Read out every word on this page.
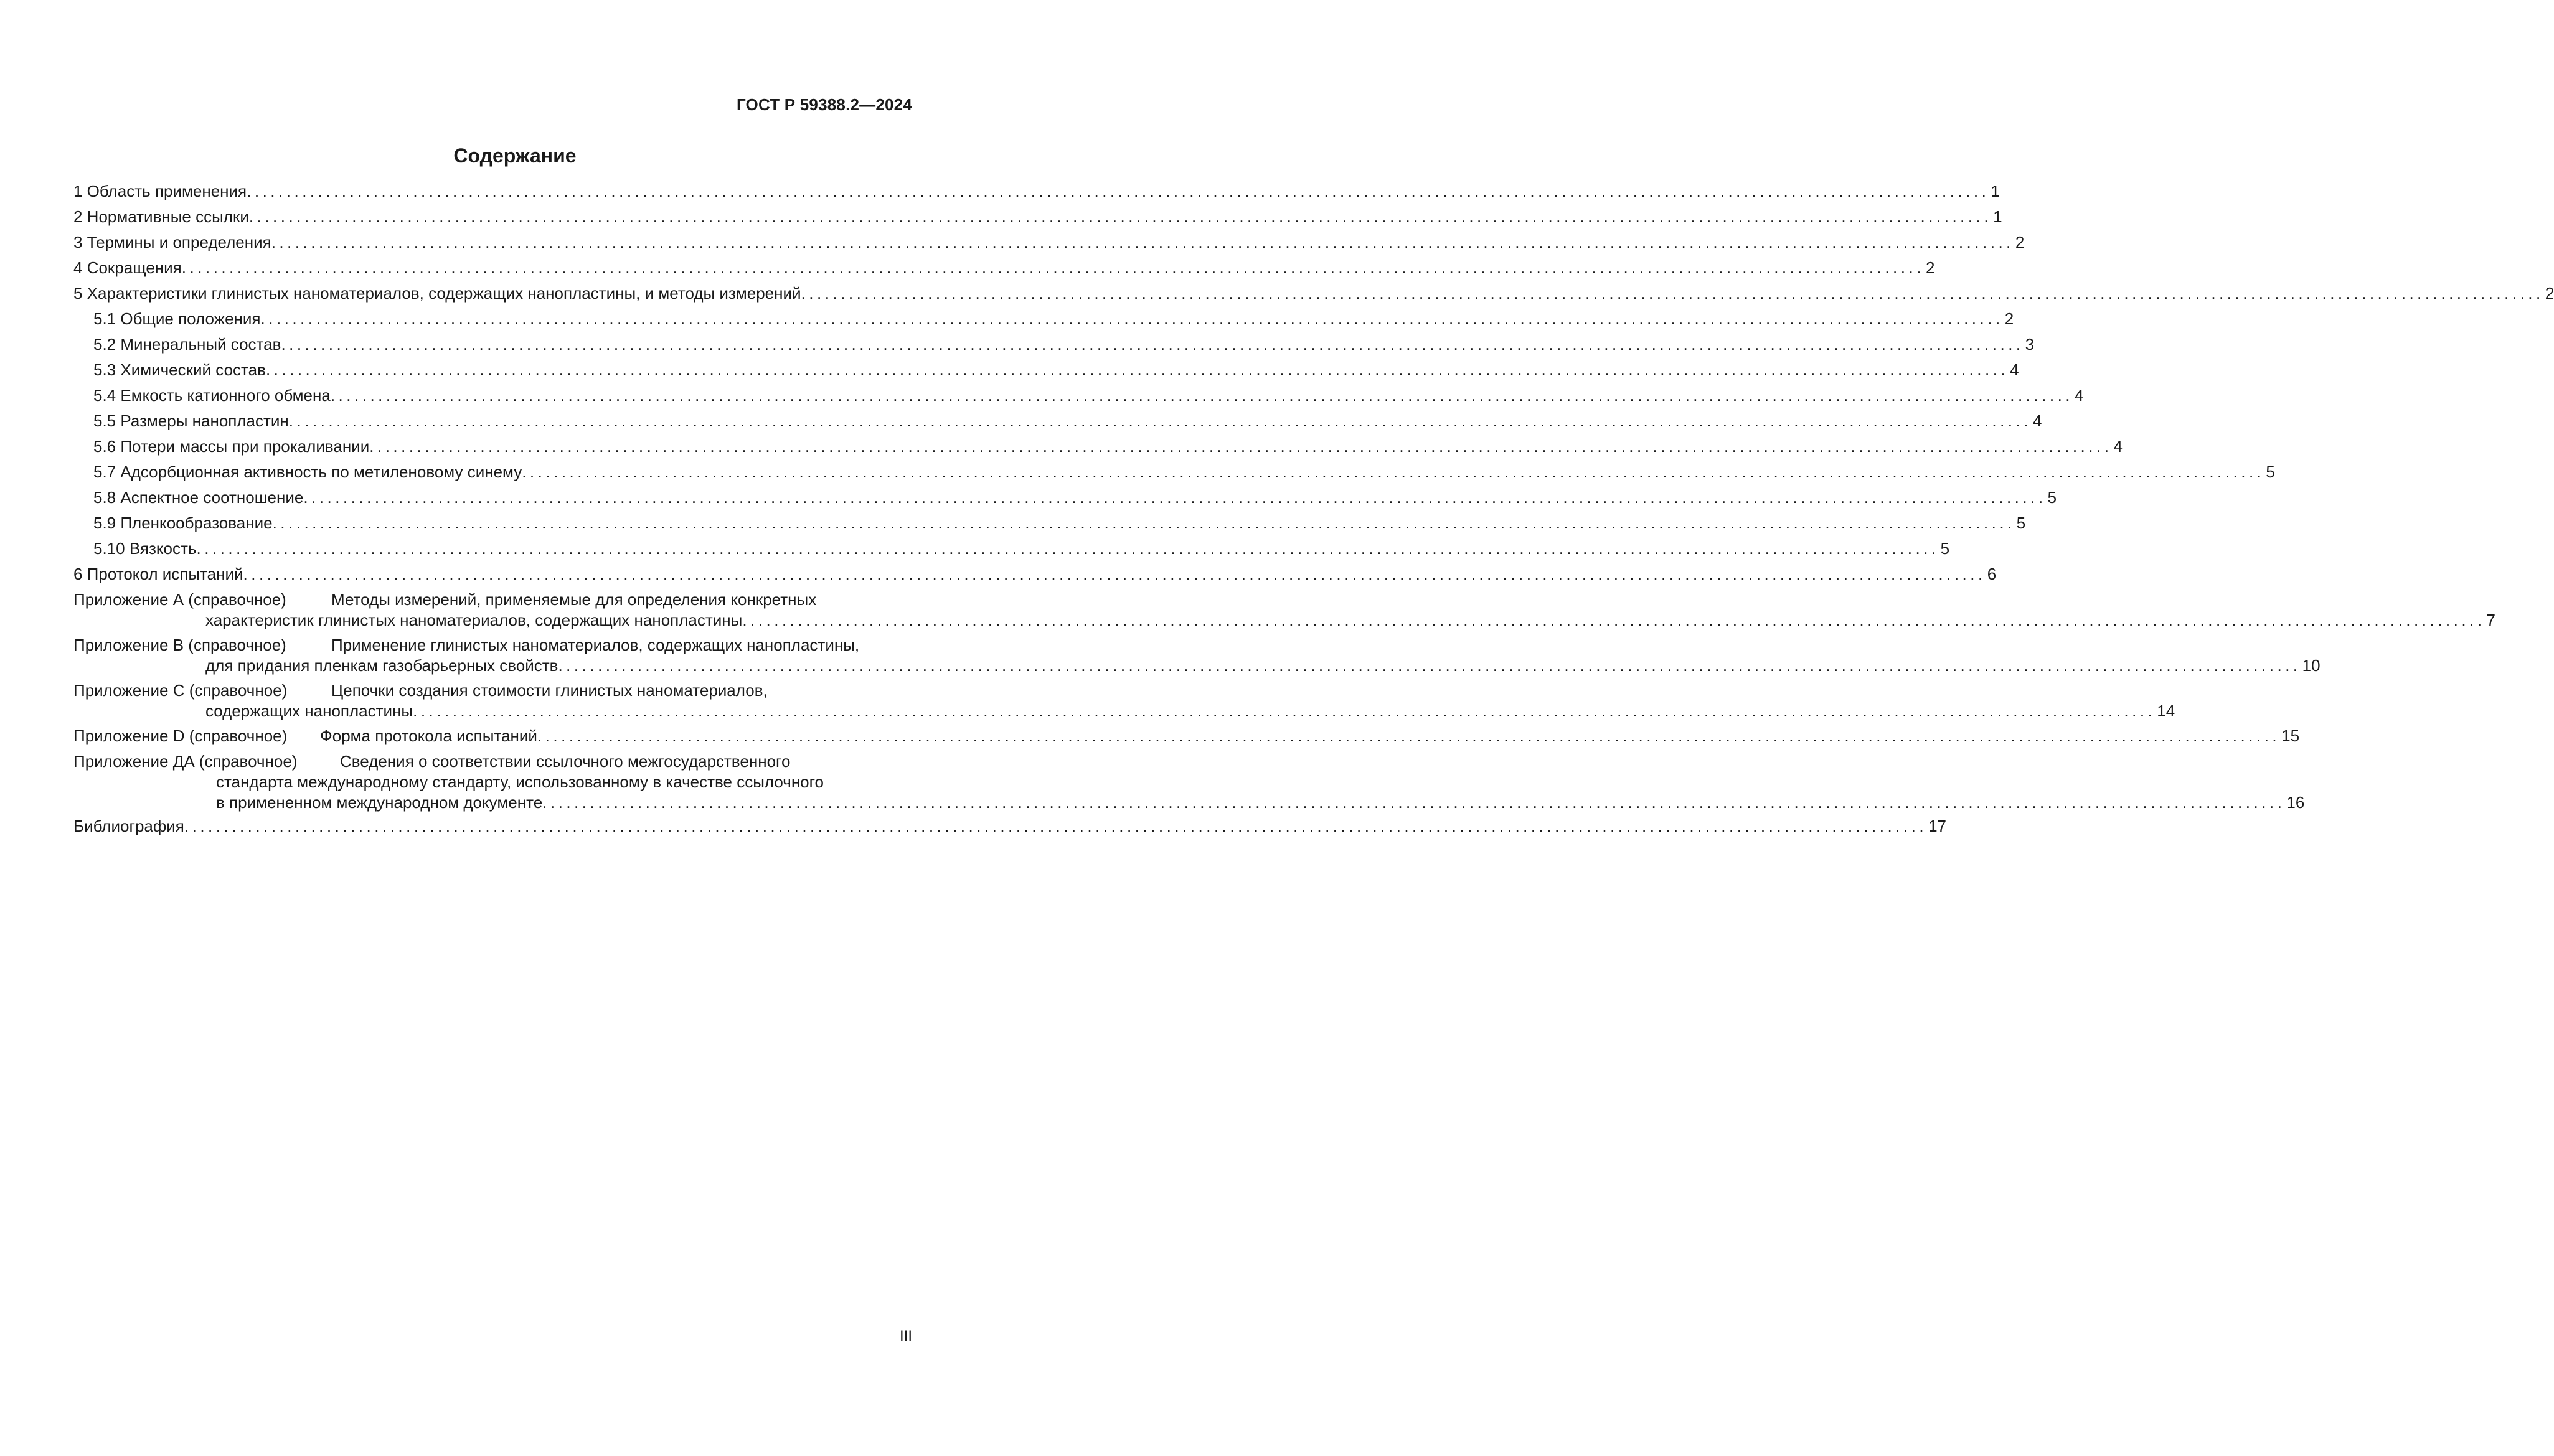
ГОСТ Р 59388.2—2024
Содержание
1 Область применения ............................................................................................................................................................................................................................ 1
2 Нормативные ссылки ............................................................................................................................................................................................................................ 1
3 Термины и определения ............................................................................................................................................................................................................................ 2
4 Сокращения ............................................................................................................................................................................................................................ 2
5 Характеристики глинистых наноматериалов, содержащих нанопластины, и методы измерений ............................................................................................................................................................................................................................ 2
5.1 Общие положения ............................................................................................................................................................................................................................ 2
5.2 Минеральный состав ............................................................................................................................................................................................................................ 3
5.3 Химический состав ............................................................................................................................................................................................................................ 4
5.4 Емкость катионного обмена ............................................................................................................................................................................................................................ 4
5.5 Размеры нанопластин ............................................................................................................................................................................................................................ 4
5.6 Потери массы при прокаливании ............................................................................................................................................................................................................................ 4
5.7 Адсорбционная активность по метиленовому синему ............................................................................................................................................................................................................................ 5
5.8 Аспектное соотношение ............................................................................................................................................................................................................................ 5
5.9 Пленкообразование ............................................................................................................................................................................................................................ 5
5.10 Вязкость ............................................................................................................................................................................................................................ 5
6 Протокол испытаний ............................................................................................................................................................................................................................ 6
Приложение А (справочное)	Методы измерений, применяемые для определения конкретных
характеристик глинистых наноматериалов, содержащих нанопластины ............................................................................................................................................................................................................................ 7
Приложение В (справочное)	Применение глинистых наноматериалов, содержащих нанопластины,
для придания пленкам газобарьерных свойств ............................................................................................................................................................................................................................ 10
Приложение С (справочное)	Цепочки создания стоимости глинистых наноматериалов,
содержащих нанопластины ............................................................................................................................................................................................................................ 14
Приложение D (справочное) Форма протокола испытаний ............................................................................................................................................................................................................................ 15
Приложение ДА (справочное)	Сведения о соответствии ссылочного межгосударственного
стандарта международному стандарту, использованному в качестве ссылочного
в примененном международном документе ............................................................................................................................................................................................................................ 16
Библиография ............................................................................................................................................................................................................................ 17
III
